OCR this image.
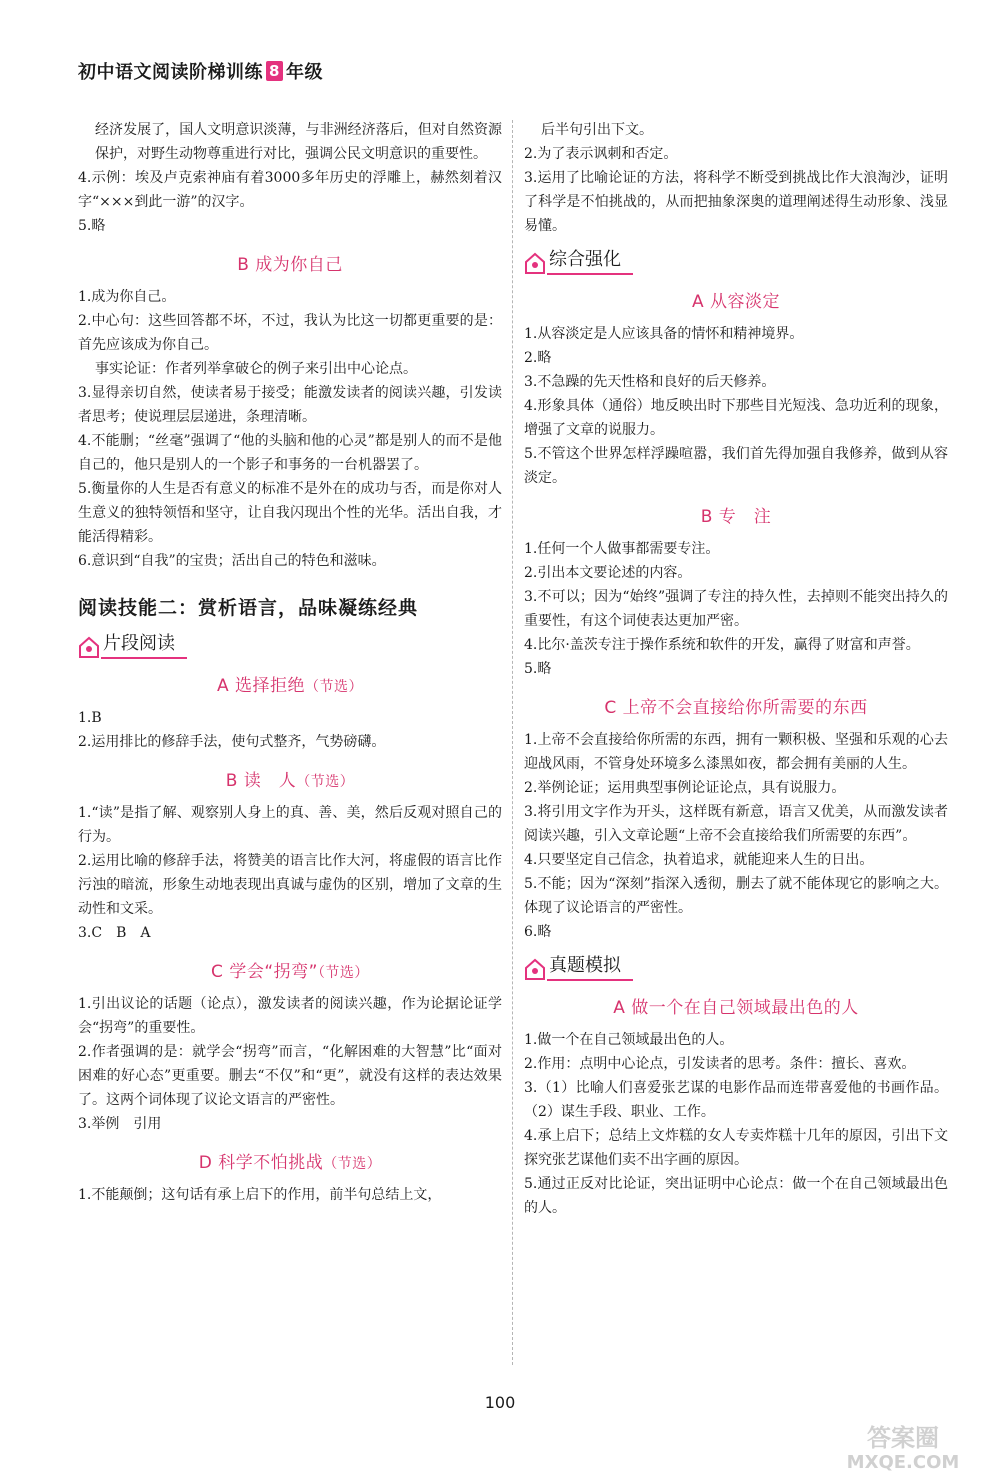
初中语文阅读阶梯训练 8 年级
经济发展了，国人文明意识淡薄，与非洲经济落后，但对自然资源保护，对野生动物尊重进行对比，强调公民文明意识的重要性。
4.示例：埃及卢克索神庙有着3000多年历史的浮雕上，赫然刻着汉字“×××到此一游”的汉字。
5.略
B 成为你自己
1.成为你自己。
2.中心句：这些回答都不坏，不过，我认为比这一切都更重要的是：首先应该成为你自己。
事实论证：作者列举拿破仑的例子来引出中心论点。
3.显得亲切自然，使读者易于接受；能激发读者的阅读兴趣，引发读者思考；使说理层层递进，条理清晰。
4.不能删；“丝毫”强调了“他的头脑和他的心灵”都是别人的而不是他自己的，他只是别人的一个影子和事务的一台机器罢了。
5.衡量你的人生是否有意义的标准不是外在的成功与否，而是你对人生意义的独特领悟和坚守，让自我闪现出个性的光华。活出自我，才能活得精彩。
6.意识到“自我”的宝贵；活出自己的特色和滋味。
阅读技能二：赏析语言，品味凝练经典
片段阅读
A 选择拒绝（节选）
1.B
2.运用排比的修辞手法，使句式整齐，气势磅礴。
B 读　人（节选）
1.“读”是指了解、观察别人身上的真、善、美，然后反观对照自己的行为。
2.运用比喻的修辞手法，将赞美的语言比作大河，将虚假的语言比作污浊的暗流，形象生动地表现出真诚与虚伪的区别，增加了文章的生动性和文采。
3.C　B　A
C 学会“拐弯”（节选）
1.引出议论的话题（论点），激发读者的阅读兴趣，作为论据论证学会“拐弯”的重要性。
2.作者强调的是：就学会“拐弯”而言，“化解困难的大智慧”比“面对困难的好心态”更重要。删去“不仅”和“更”，就没有这样的表达效果了。这两个词体现了议论文语言的严密性。
3.举例　引用
D 科学不怕挑战（节选）
1.不能颠倒；这句话有承上启下的作用，前半句总结上文，
后半句引出下文。
2.为了表示讽刺和否定。
3.运用了比喻论证的方法，将科学不断受到挑战比作大浪淘沙，证明了科学是不怕挑战的，从而把抽象深奥的道理阐述得生动形象、浅显易懂。
综合强化
A 从容淡定
1.从容淡定是人应该具备的情怀和精神境界。
2.略
3.不急躁的先天性格和良好的后天修养。
4.形象具体（通俗）地反映出时下那些目光短浅、急功近利的现象，增强了文章的说服力。
5.不管这个世界怎样浮躁喧嚣，我们首先得加强自我修养，做到从容淡定。
B 专　注
1.任何一个人做事都需要专注。
2.引出本文要论述的内容。
3.不可以；因为“始终”强调了专注的持久性，去掉则不能突出持久的重要性，有这个词使表达更加严密。
4.比尔·盖茨专注于操作系统和软件的开发，赢得了财富和声誉。
5.略
C 上帝不会直接给你所需要的东西
1.上帝不会直接给你所需的东西，拥有一颗积极、坚强和乐观的心去迎战风雨，不管身处环境多么漆黑如夜，都会拥有美丽的人生。
2.举例论证；运用典型事例论证论点，具有说服力。
3.将引用文字作为开头，这样既有新意，语言又优美，从而激发读者阅读兴趣，引入文章论题“上帝不会直接给我们所需要的东西”。
4.只要坚定自己信念，执着追求，就能迎来人生的日出。
5.不能；因为“深刻”指深入透彻，删去了就不能体现它的影响之大。体现了议论语言的严密性。
6.略
真题模拟
A 做一个在自己领域最出色的人
1.做一个在自己领域最出色的人。
2.作用：点明中心论点，引发读者的思考。条件：擅长、喜欢。
3.（1）比喻人们喜爱张艺谋的电影作品而连带喜爱他的书画作品。（2）谋生手段、职业、工作。
4.承上启下；总结上文炸糕的女人专卖炸糕十几年的原因，引出下文探究张艺谋他们卖不出字画的原因。
5.通过正反对比论证，突出证明中心论点：做一个在自己领域最出色的人。
100
答案圈
MXQE.COM
